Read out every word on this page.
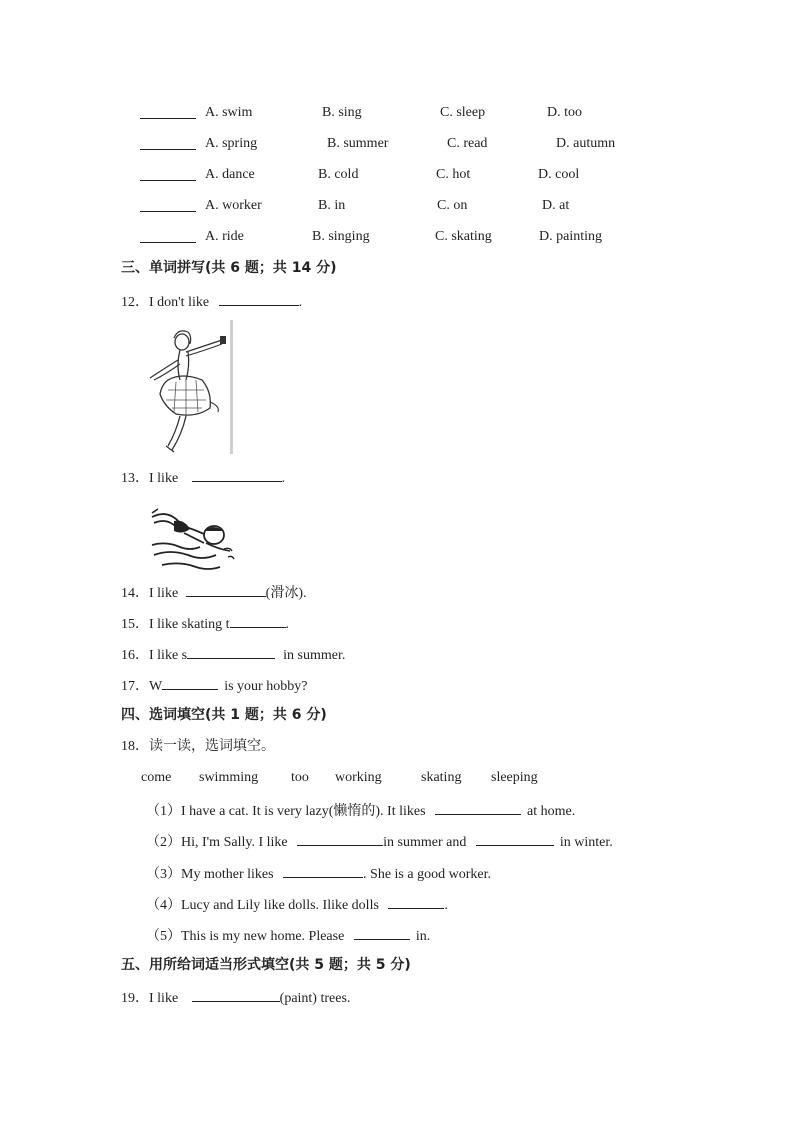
A. swim	B. sing	C. sleep	D. too
A. spring	B. summer	C. read	D. autumn
A. dance	B. cold	C. hot	D. cool
A. worker	B. in	C. on	D. at
A. ride	B. singing	C. skating	D. painting
三、单词拼写(共 6 题；共 14 分)
12．I don't like	.
13．I like	.
14．I like	(滑冰).
15．I like skating t	.
16．I like s	in summer.
17．W	is your hobby?
四、选词填空(共 1 题；共 6 分)
18．读一读，选词填空。
come swimming too working	skating sleeping
（1）I have a cat. It is very lazy(懒惰的). It likes	at home.
（2）Hi, I'm Sally. I like	in summer and	in winter.
（3）My mother likes	. She is a good worker.
（4）Lucy and Lily like dolls. Ilike dolls	.
（5）This is my new home. Please	in.
五、用所给词适当形式填空(共 5 题；共 5 分)
19．I like	(paint) trees.
